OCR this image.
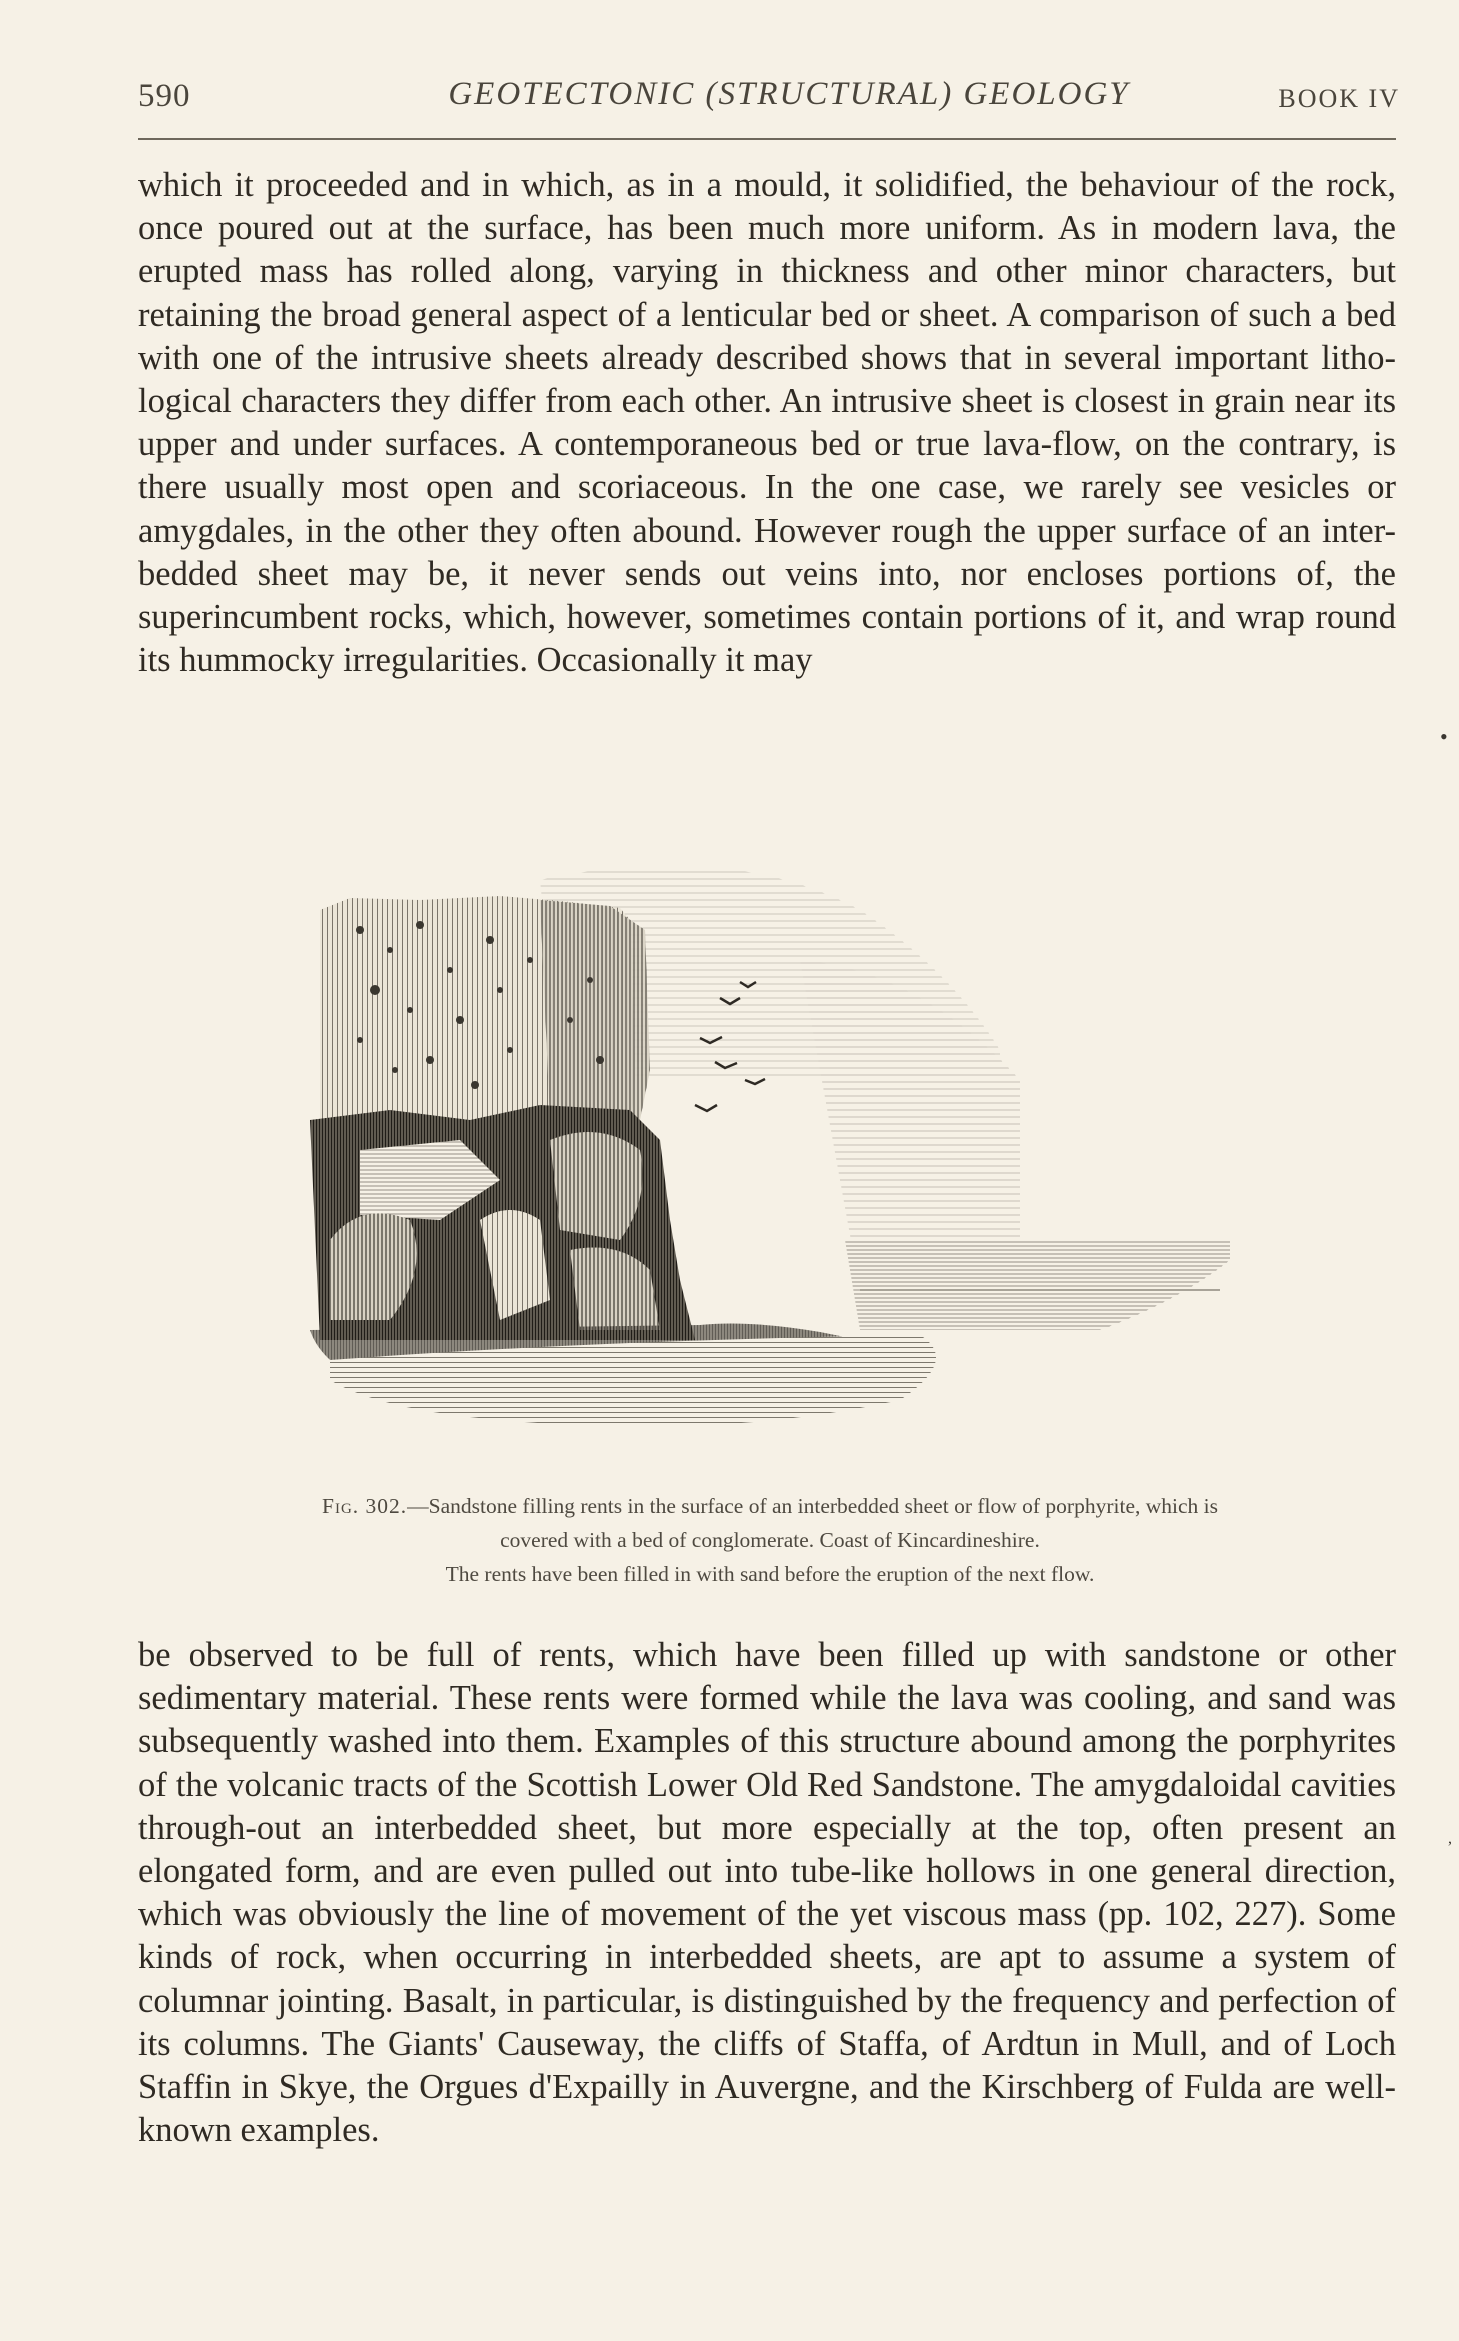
590	GEOTECTONIC (STRUCTURAL) GEOLOGY	BOOK IV

which it proceeded and in which, as in a mould, it solidified, the behaviour of the rock, once poured out at the surface, has been much more uniform. As in modern lava, the erupted mass has rolled along, varying in thickness and other minor characters, but retaining the broad general aspect of a lenticular bed or sheet. A comparison of such a bed with one of the intrusive sheets already described shows that in several important litho-logical characters they differ from each other. An intrusive sheet is closest in grain near its upper and under surfaces. A contemporaneous bed or true lava-flow, on the contrary, is there usually most open and scoriaceous. In the one case, we rarely see vesicles or amygdales, in the other they often abound. However rough the upper surface of an inter-bedded sheet may be, it never sends out veins into, nor encloses portions of, the superincumbent rocks, which, however, sometimes contain portions of it, and wrap round its hummocky irregularities. Occasionally it may

Fig. 302.—Sandstone filling rents in the surface of an interbedded sheet or flow of porphyrite, which is

covered with a bed of conglomerate. Coast of Kincardineshire.

The rents have been filled in with sand before the eruption of the next flow.

be observed to be full of rents, which have been filled up with sandstone or other sedimentary material. These rents were formed while the lava was cooling, and sand was subsequently washed into them. Examples of this structure abound among the porphyrites of the volcanic tracts of the Scottish Lower Old Red Sandstone. The amygdaloidal cavities through-out an interbedded sheet, but more especially at the top, often present an elongated form, and are even pulled out into tube-like hollows in one general direction, which was obviously the line of movement of the yet viscous mass (pp. 102, 227). Some kinds of rock, when occurring in interbedded sheets, are apt to assume a system of columnar jointing. Basalt, in particular, is distinguished by the frequency and perfection of its columns. The Giants' Causeway, the cliffs of Staffa, of Ardtun in Mull, and of Loch Staffin in Skye, the Orgues d'Expailly in Auvergne, and the Kirschberg of Fulda are well-known examples.

•
,
